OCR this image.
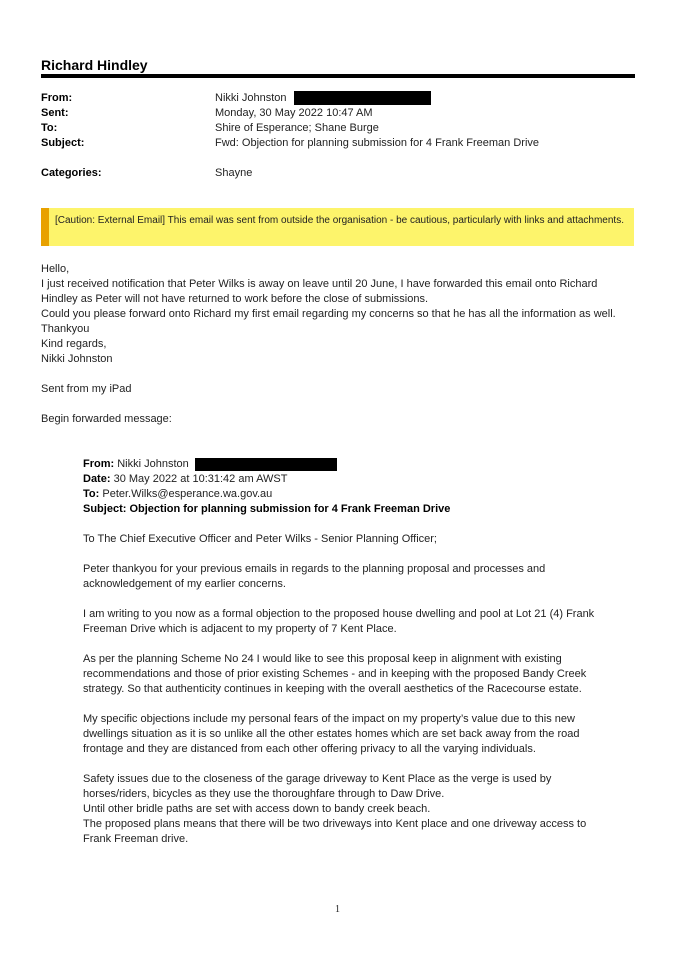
Richard Hindley
From:	Nikki Johnston
Sent:	Monday, 30 May 2022 10:47 AM
To:	Shire of Esperance; Shane Burge
Subject:	Fwd: Objection for planning submission for 4 Frank Freeman Drive
Categories:	Shayne
[Caution: External Email] This email was sent from outside the organisation - be cautious, particularly with links and attachments.

Hello,

I just received notification that Peter Wilks is away on leave until 20 June, I have forwarded this email onto Richard Hindley as Peter will not have returned to work before the close of submissions.

Could you please forward onto Richard my first email regarding my concerns so that he has all the information as well.

Thankyou

Kind regards,

Nikki Johnston

Sent from my iPad

Begin forwarded message:

From: Nikki Johnston

Date: 30 May 2022 at 10:31:42 am AWST

To: Peter.Wilks@esperance.wa.gov.au

Subject: Objection for planning submission for 4 Frank Freeman Drive

To The Chief Executive Officer and Peter Wilks - Senior Planning Officer;

Peter thankyou for your previous emails in regards to the planning proposal and processes and acknowledgement of my earlier concerns.

I am writing to you now as a formal objection to the proposed house dwelling and pool at Lot 21 (4) Frank Freeman Drive which is adjacent to my property of 7 Kent Place.

As per the planning Scheme No 24 I would like to see this proposal keep in alignment with existing recommendations and those of prior existing Schemes - and in keeping with the proposed Bandy Creek strategy. So that authenticity continues in keeping with the overall aesthetics of the Racecourse estate.

My specific objections include my personal fears of the impact on my property’s value due to this new dwellings situation as it is so unlike all the other estates homes which are set back away from the road frontage and they are distanced from each other offering privacy to all the varying individuals.

Safety issues due to the closeness of the garage driveway to Kent Place as the verge is used by horses/riders, bicycles as they use the thoroughfare through to Daw Drive.

Until other bridle paths are set with access down to bandy creek beach.

The proposed plans means that there will be two driveways into Kent place and one driveway access to Frank Freeman drive.

1
